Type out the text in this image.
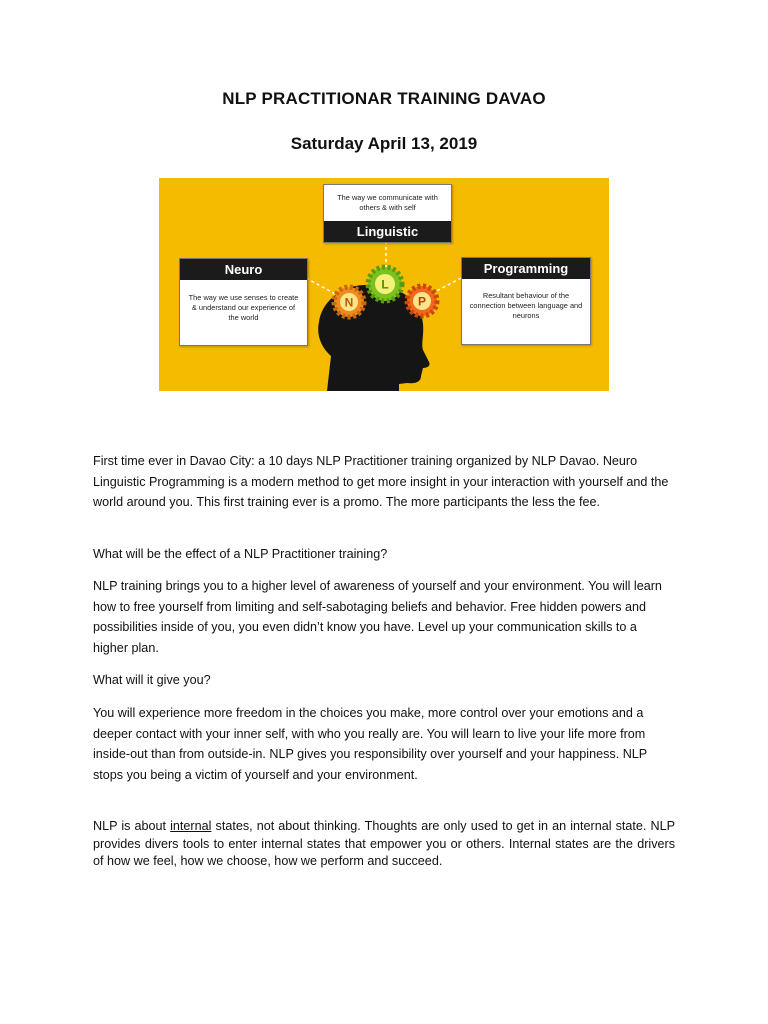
NLP PRACTITIONAR TRAINING DAVAO
Saturday April 13, 2019
N
L
P
The way we communicate with others & with self
Linguistic
Neuro
The way we use senses to create & understand our experience of the world
Programming
Resultant behaviour of the connection between language and neurons

First time ever in Davao City: a 10 days NLP Practitioner training organized by NLP Davao. Neuro Linguistic Programming is a modern method to get more insight in your interaction with yourself and the world around you. This first training ever is a promo. The more participants the less the fee.

What will be the effect of a NLP Practitioner training?

NLP training brings you to a higher level of awareness of yourself and your environment. You will learn how to free yourself from limiting and self-sabotaging beliefs and behavior. Free hidden powers and possibilities inside of you, you even didn’t know you have. Level up your communication skills to a higher plan.

What will it give you?

You will experience more freedom in the choices you make, more control over your emotions and a deeper contact with your inner self, with who you really are. You will learn to live your life more from inside-out than from outside-in. NLP gives you responsibility over yourself and your happiness. NLP stops you being a victim of yourself and your environment.

NLP is about internal states, not about thinking. Thoughts are only used to get in an internal state. NLP provides divers tools to enter internal states that empower you or others. Internal states are the drivers of how we feel, how we choose, how we perform and succeed.
